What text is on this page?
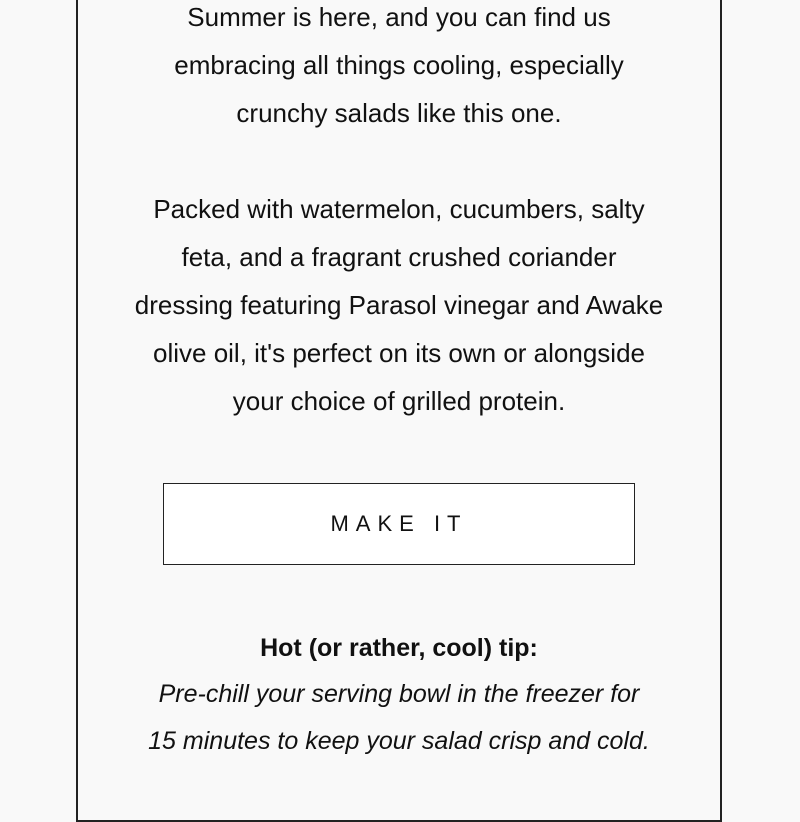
Summer is here, and you can find us
embracing all things cooling, especially
crunchy salads like this one.

Packed with watermelon, cucumbers, salty
feta, and a fragrant crushed coriander
dressing featuring Parasol vinegar and Awake
olive oil, it's perfect on its own or alongside
your choice of grilled protein.

MAKE IT
Hot (or rather, cool) tip:
Pre-chill your serving bowl in the freezer for
15 minutes to keep your salad crisp and cold.
